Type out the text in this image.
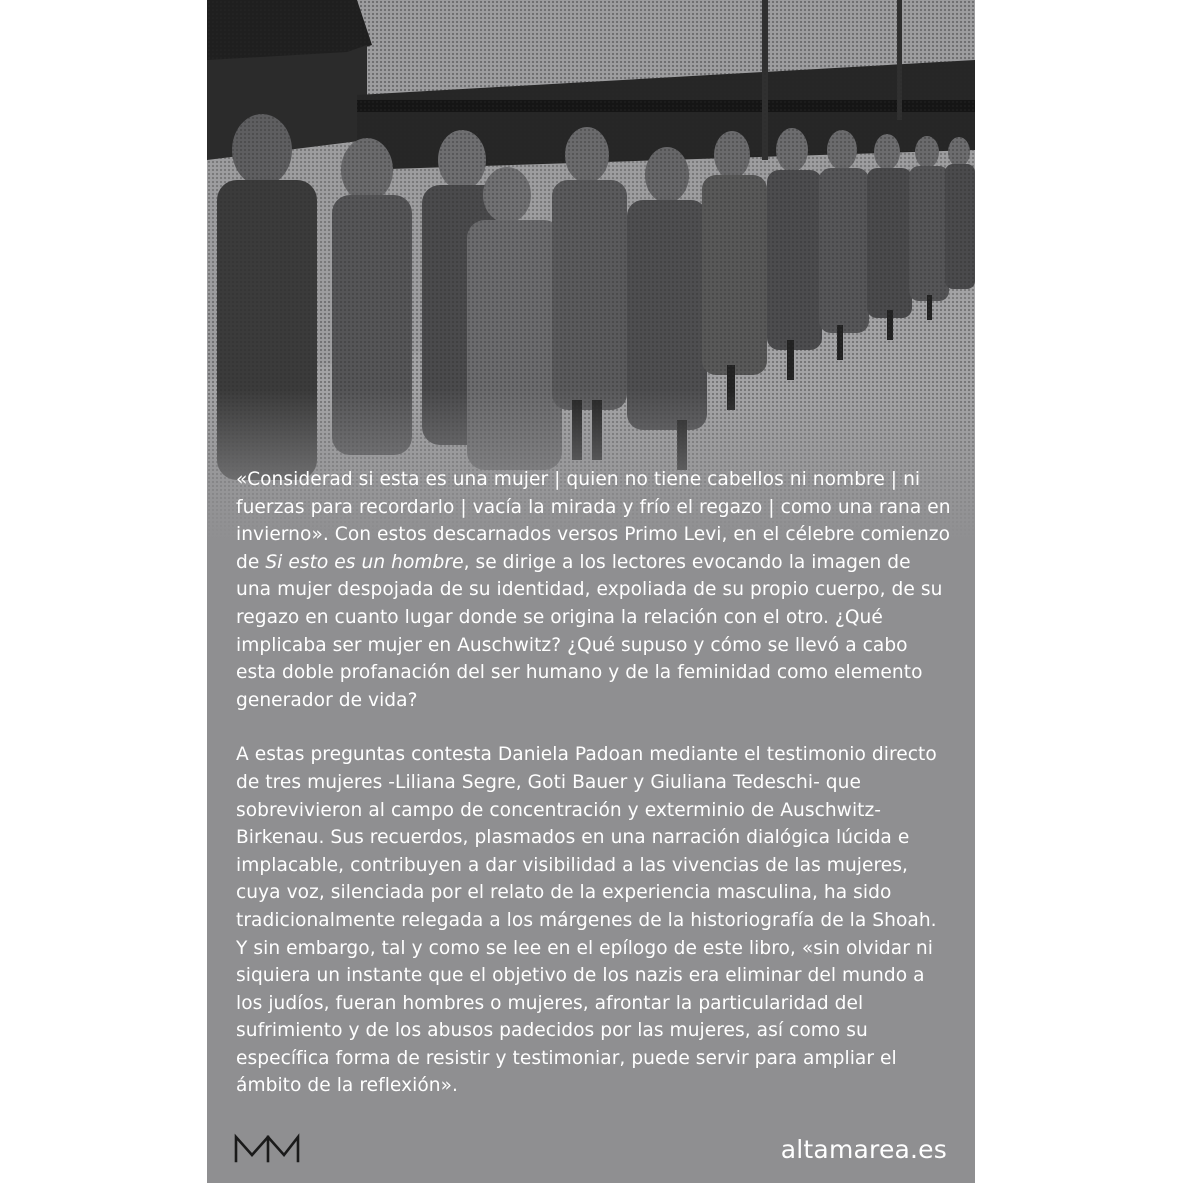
«Considerad si esta es una mujer | quien no tiene cabellos ni nombre | ni fuerzas para recordarlo | vacía la mirada y frío el regazo | como una rana en invierno». Con estos descarnados versos Primo Levi, en el célebre comienzo de Si esto es un hombre, se dirige a los lectores evocando la imagen de una mujer despojada de su identidad, expoliada de su propio cuerpo, de su regazo en cuanto lugar donde se origina la relación con el otro. ¿Qué implicaba ser mujer en Auschwitz? ¿Qué supuso y cómo se llevó a cabo esta doble profanación del ser humano y de la feminidad como elemento generador de vida?

A estas preguntas contesta Daniela Padoan mediante el testimonio directo de tres mujeres -Liliana Segre, Goti Bauer y Giuliana Tedeschi- que sobrevivieron al campo de concentración y exterminio de Auschwitz-Birkenau. Sus recuerdos, plasmados en una narración dialógica lúcida e implacable, contribuyen a dar visibilidad a las vivencias de las mujeres, cuya voz, silenciada por el relato de la experiencia masculina, ha sido tradicionalmente relegada a los márgenes de la historiografía de la Shoah. Y sin embargo, tal y como se lee en el epílogo de este libro, «sin olvidar ni siquiera un instante que el objetivo de los nazis era eliminar del mundo a los judíos, fueran hombres o mujeres, afrontar la particularidad del sufrimiento y de los abusos padecidos por las mujeres, así como su específica forma de resistir y testimoniar, puede servir para ampliar el ámbito de la reflexión».

altamarea.es
